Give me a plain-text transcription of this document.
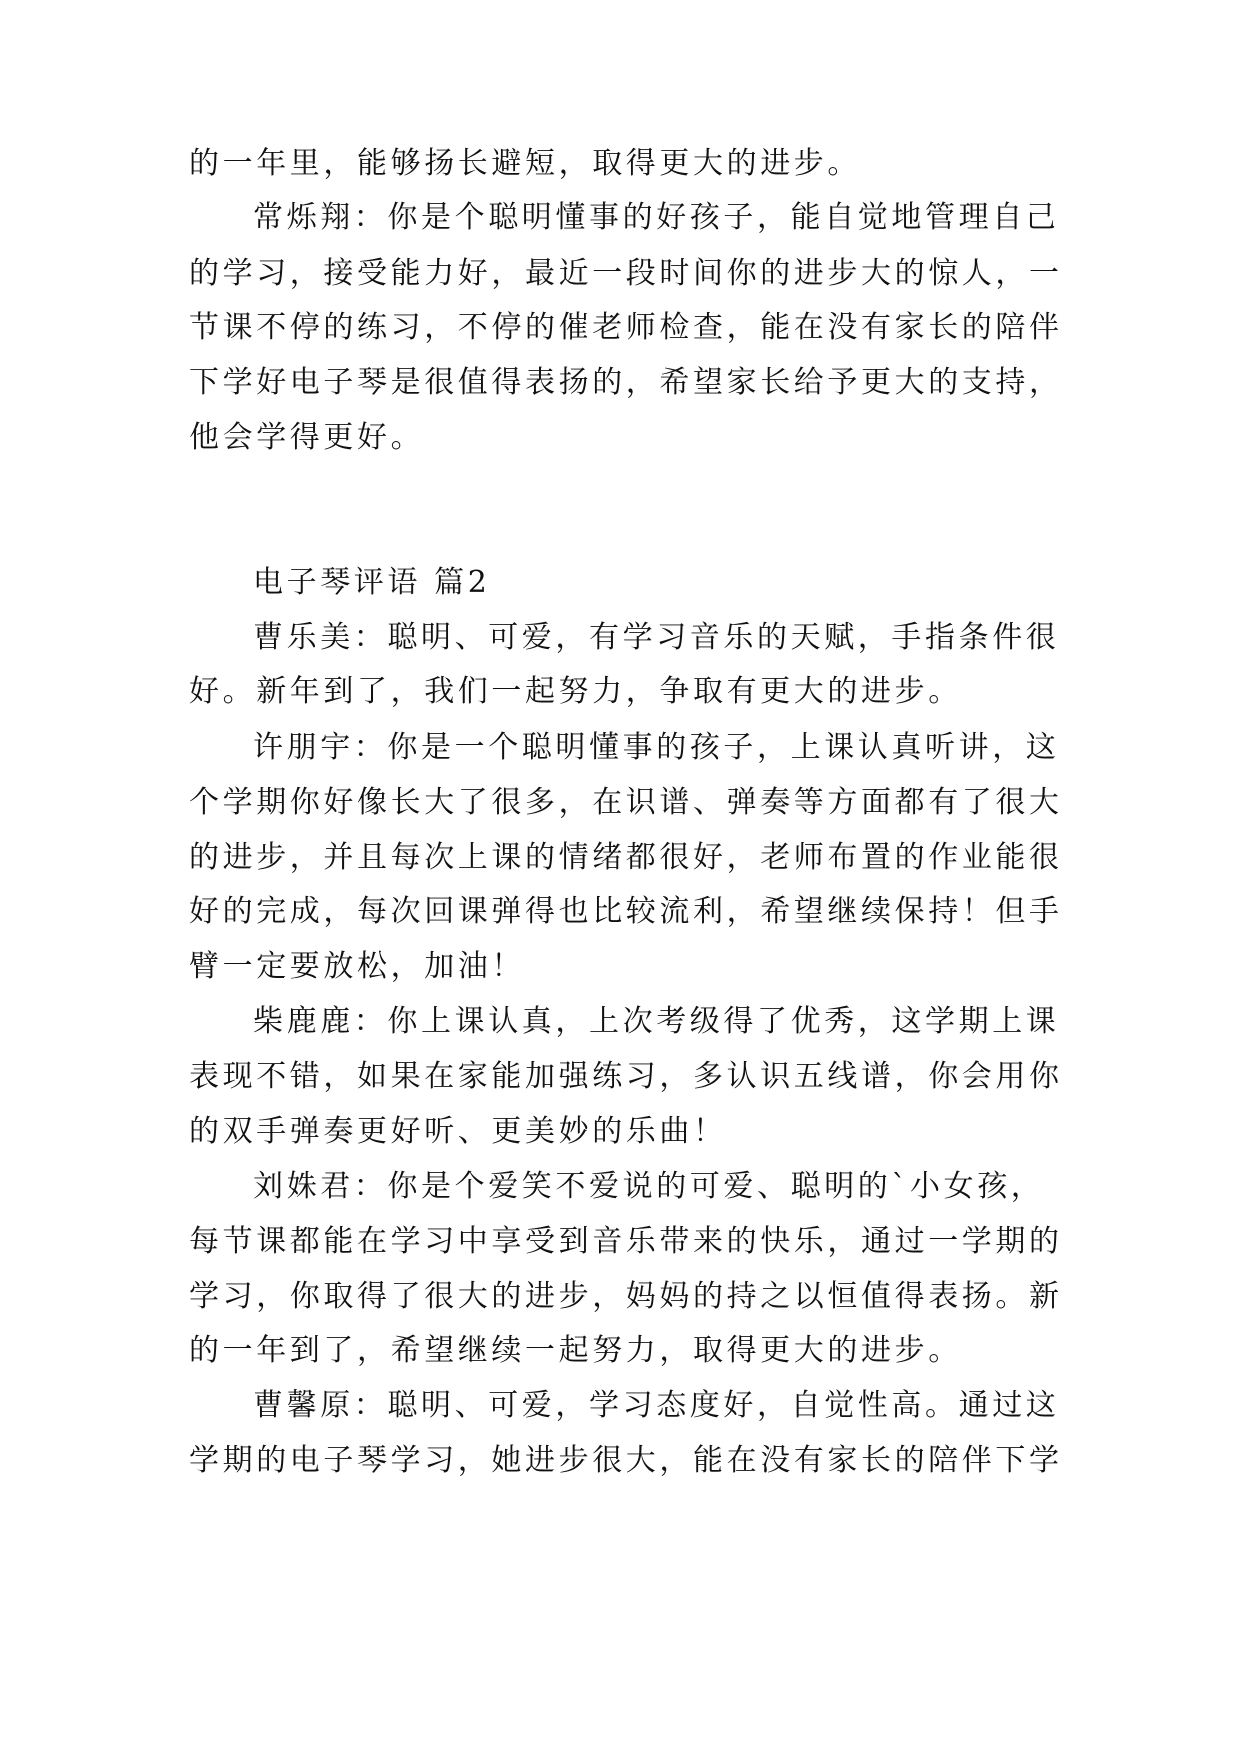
的一年里，能够扬长避短，取得更大的进步。
常烁翔：你是个聪明懂事的好孩子，能自觉地管理自己
的学习，接受能力好，最近一段时间你的进步大的惊人，一
节课不停的练习，不停的催老师检查，能在没有家长的陪伴
下学好电子琴是很值得表扬的，希望家长给予更大的支持，
他会学得更好。
电子琴评语 篇2
曹乐美：聪明、可爱，有学习音乐的天赋，手指条件很
好。新年到了，我们一起努力，争取有更大的进步。
许朋宇：你是一个聪明懂事的孩子，上课认真听讲，这
个学期你好像长大了很多，在识谱、弹奏等方面都有了很大
的进步，并且每次上课的情绪都很好，老师布置的作业能很
好的完成，每次回课弹得也比较流利，希望继续保持！但手
臂一定要放松，加油！
柴鹿鹿：你上课认真，上次考级得了优秀，这学期上课
表现不错，如果在家能加强练习，多认识五线谱，你会用你
的双手弹奏更好听、更美妙的乐曲！
刘姝君：你是个爱笑不爱说的可爱、聪明的`小女孩，
每节课都能在学习中享受到音乐带来的快乐，通过一学期的
学习，你取得了很大的进步，妈妈的持之以恒值得表扬。新
的一年到了，希望继续一起努力，取得更大的进步。
曹馨原：聪明、可爱，学习态度好，自觉性高。通过这
学期的电子琴学习，她进步很大，能在没有家长的陪伴下学
